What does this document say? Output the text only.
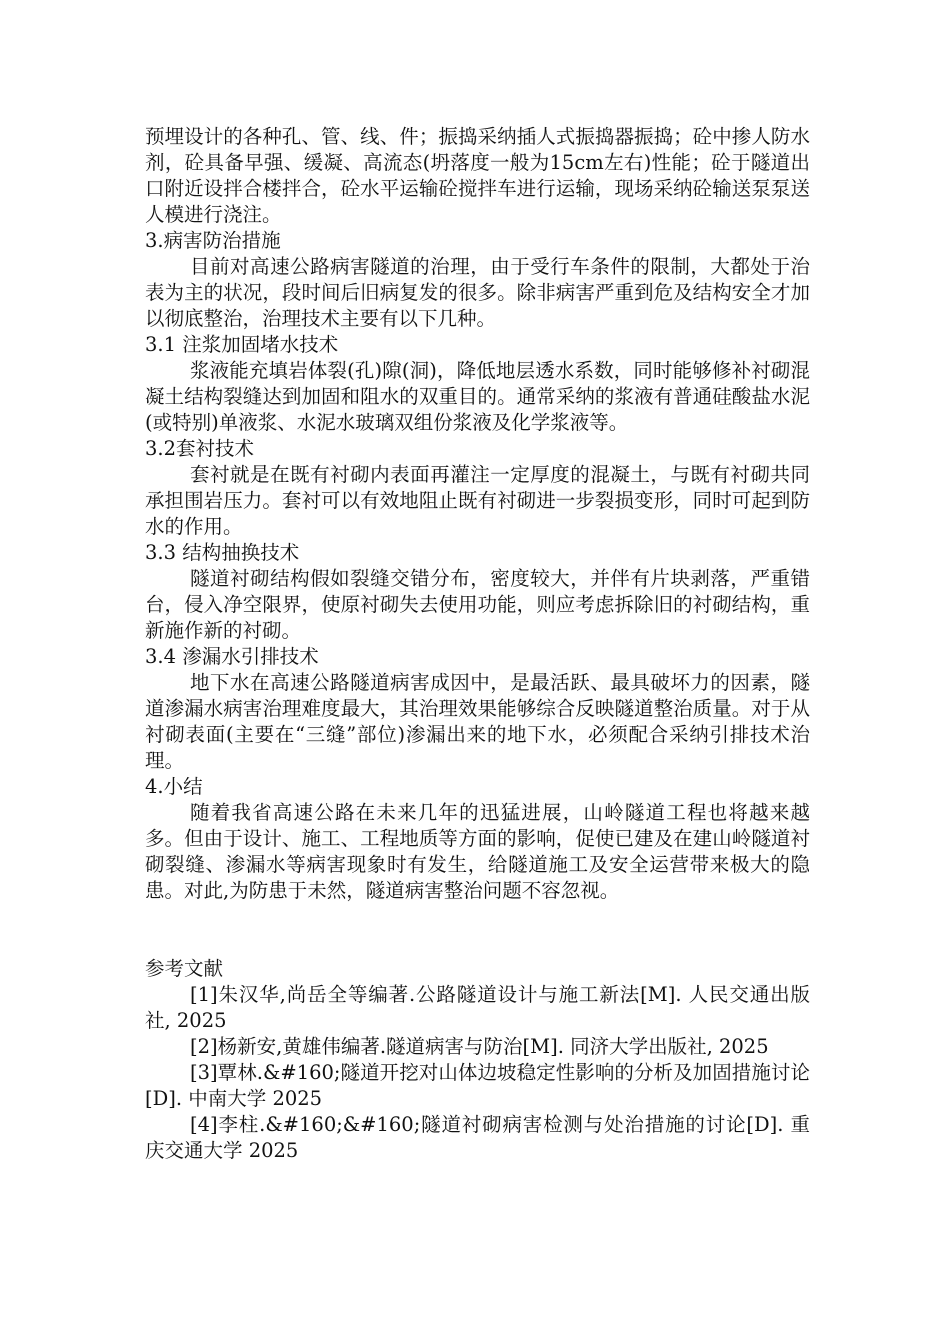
预埋设计的各种孔、管、线、件；振捣采纳插人式振捣器振捣；砼中掺人防水剂，砼具备早强、缓凝、高流态(坍落度一般为15cm左右)性能；砼于隧道出口附近设拌合楼拌合，砼水平运输砼搅拌车进行运输，现场采纳砼输送泵泵送人模进行浇注。

3.病害防治措施

目前对高速公路病害隧道的治理，由于受行车条件的限制，大都处于治表为主的状况，段时间后旧病复发的很多。除非病害严重到危及结构安全才加以彻底整治，治理技术主要有以下几种。

3.1 注浆加固堵水技术

浆液能充填岩体裂(孔)隙(洞)，降低地层透水系数，同时能够修补衬砌混凝土结构裂缝达到加固和阻水的双重目的。通常采纳的浆液有普通硅酸盐水泥(或特别)单液浆、水泥水玻璃双组份浆液及化学浆液等。

3.2套衬技术

套衬就是在既有衬砌内表面再灌注一定厚度的混凝土，与既有衬砌共同承担围岩压力。套衬可以有效地阻止既有衬砌进一步裂损变形，同时可起到防水的作用。

3.3 结构抽换技术

隧道衬砌结构假如裂缝交错分布，密度较大，并伴有片块剥落，严重错台，侵入净空限界，使原衬砌失去使用功能，则应考虑拆除旧的衬砌结构，重新施作新的衬砌。

3.4 渗漏水引排技术

地下水在高速公路隧道病害成因中，是最活跃、最具破坏力的因素，隧道渗漏水病害治理难度最大，其治理效果能够综合反映隧道整治质量。对于从衬砌表面(主要在“三缝”部位)渗漏出来的地下水，必须配合采纳引排技术治理。

4.小结

随着我省高速公路在未来几年的迅猛进展，山岭隧道工程也将越来越多。但由于设计、施工、工程地质等方面的影响，促使已建及在建山岭隧道衬砌裂缝、渗漏水等病害现象时有发生，给隧道施工及安全运营带来极大的隐患。对此,为防患于未然，隧道病害整治问题不容忽视。

参考文献

[1]朱汉华,尚岳全等编著.公路隧道设计与施工新法[M]. 人民交通出版社, 2025

[2]杨新安,黄雄伟编著.隧道病害与防治[M]. 同济大学出版社, 2025

[3]覃林.&#160;隧道开挖对山体边坡稳定性影响的分析及加固措施讨论[D]. 中南大学 2025

[4]李柱.&#160;&#160;隧道衬砌病害检测与处治措施的讨论[D]. 重庆交通大学 2025
